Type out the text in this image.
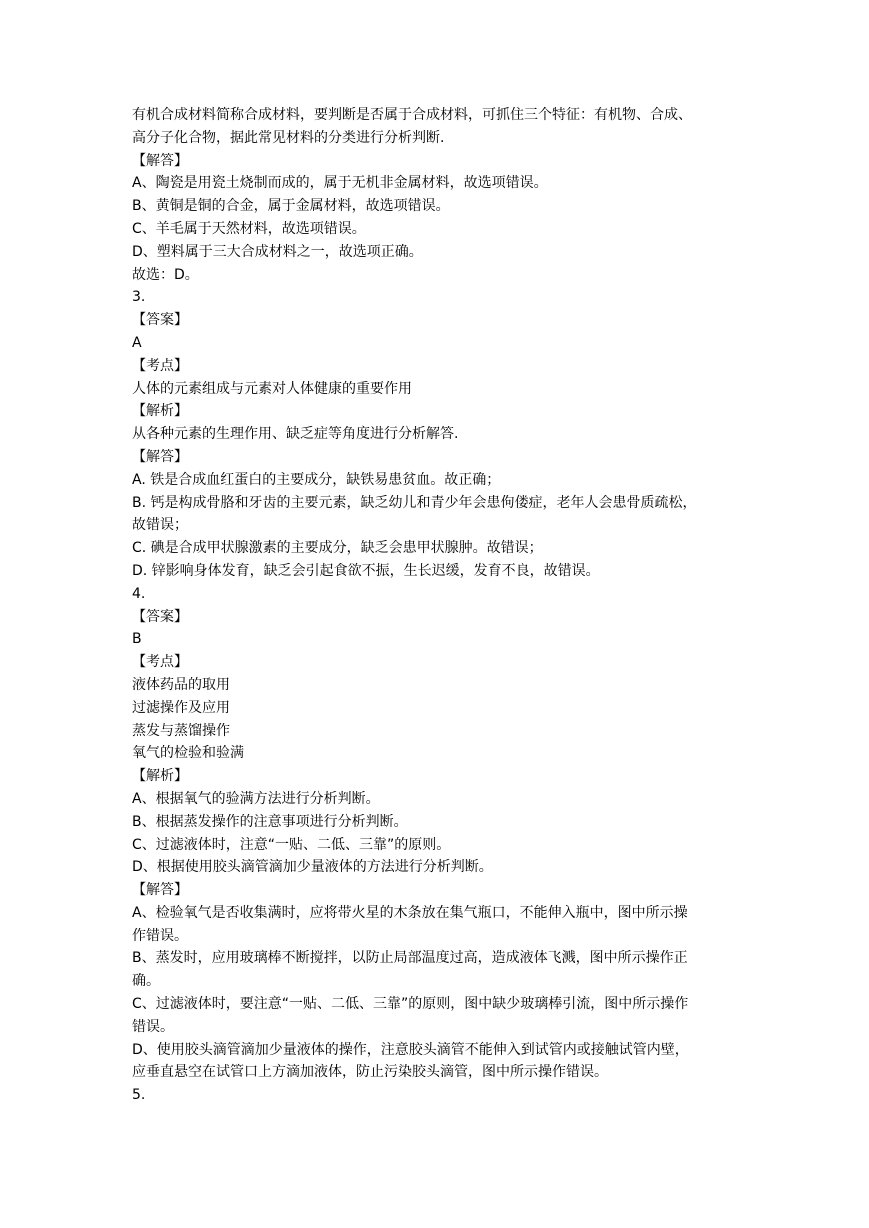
有机合成材料简称合成材料，要判断是否属于合成材料，可抓住三个特征：有机物、合成、
高分子化合物，据此常见材料的分类进行分析判断.
【解答】
A、陶瓷是用瓷土烧制而成的，属于无机非金属材料，故选项错误。
B、黄铜是铜的合金，属于金属材料，故选项错误。
C、羊毛属于天然材料，故选项错误。
D、塑料属于三大合成材料之一，故选项正确。
故选：D。
3.
【答案】
A
【考点】
人体的元素组成与元素对人体健康的重要作用
【解析】
从各种元素的生理作用、缺乏症等角度进行分析解答.
【解答】
A. 铁是合成血红蛋白的主要成分，缺铁易患贫血。故正确；
B. 钙是构成骨胳和牙齿的主要元素，缺乏幼儿和青少年会患佝偻症，老年人会患骨质疏松，
故错误；
C. 碘是合成甲状腺激素的主要成分，缺乏会患甲状腺肿。故错误；
D. 锌影响身体发育，缺乏会引起食欲不振，生长迟缓，发育不良，故错误。
4.
【答案】
B
【考点】
液体药品的取用
过滤操作及应用
蒸发与蒸馏操作
氧气的检验和验满
【解析】
A、根据氧气的验满方法进行分析判断。
B、根据蒸发操作的注意事项进行分析判断。
C、过滤液体时，注意“一贴、二低、三靠”的原则。
D、根据使用胶头滴管滴加少量液体的方法进行分析判断。
【解答】
A、检验氧气是否收集满时，应将带火星的木条放在集气瓶口，不能伸入瓶中，图中所示操
作错误。
B、蒸发时，应用玻璃棒不断搅拌，以防止局部温度过高，造成液体飞溅，图中所示操作正
确。
C、过滤液体时，要注意“一贴、二低、三靠”的原则，图中缺少玻璃棒引流，图中所示操作
错误。
D、使用胶头滴管滴加少量液体的操作，注意胶头滴管不能伸入到试管内或接触试管内壁，
应垂直悬空在试管口上方滴加液体，防止污染胶头滴管，图中所示操作错误。
5.
